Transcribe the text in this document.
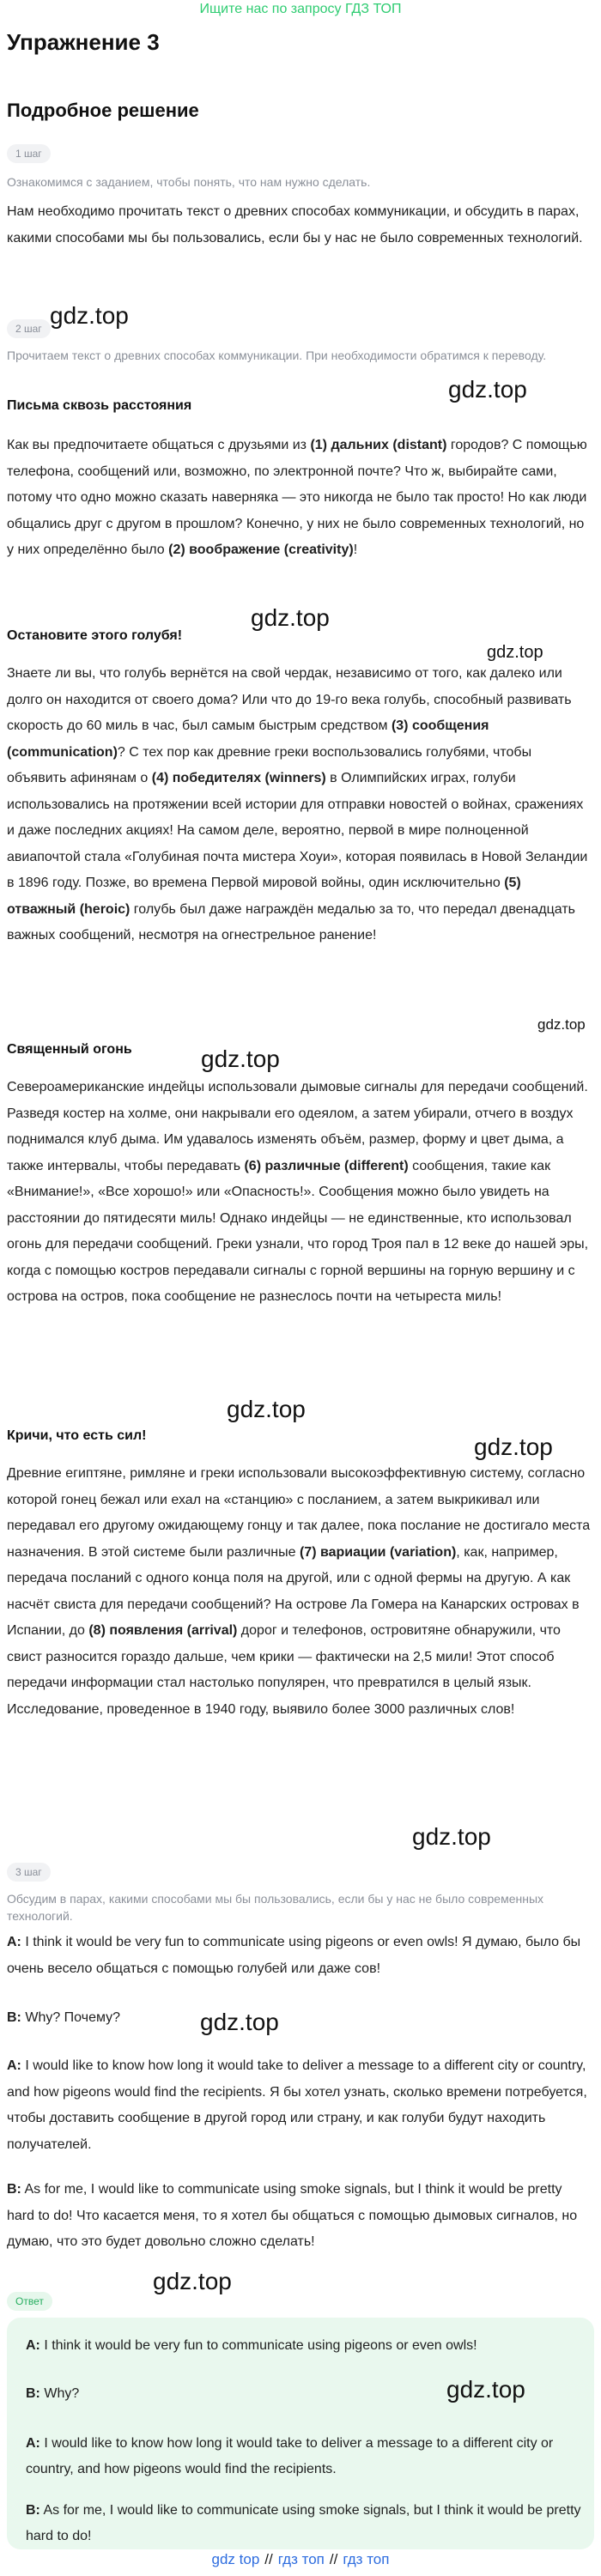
Ищите нас по запросу ГДЗ ТОП
Упражнение 3
Подробное решение
1 шаг
Ознакомимся с заданием, чтобы понять, что нам нужно сделать.
Нам необходимо прочитать текст о древних способах коммуникации, и обсудить в парах, какими способами мы бы пользовались, если бы у нас не было современных технологий.
gdz.top
gdz.top
gdz.top
gdz.top
gdz.top
gdz.top
gdz.top
gdz.top
gdz.top
gdz.top
gdz.top
2 шаг
Прочитаем текст о древних способах коммуникации. При необходимости обратимся к переводу.
Письма сквозь расстояния
Как вы предпочитаете общаться с друзьями из (1) дальних (distant) городов? С помощью телефона, сообщений или, возможно, по электронной почте? Что ж, выбирайте сами, потому что одно можно сказать наверняка — это никогда не было так просто! Но как люди общались друг с другом в прошлом? Конечно, у них не было современных технологий, но у них определённо было (2) воображение (creativity)!
Остановите этого голубя!
Знаете ли вы, что голубь вернётся на свой чердак, независимо от того, как далеко или долго он находится от своего дома? Или что до 19-го века голубь, способный развивать скорость до 60 миль в час, был самым быстрым средством (3) сообщения (communication)? С тех пор как древние греки воспользовались голубями, чтобы объявить афинянам о (4) победителях (winners) в Олимпийских играх, голуби использовались на протяжении всей истории для отправки новостей о войнах, сражениях и даже последних акциях! На самом деле, вероятно, первой в мире полноценной авиапочтой стала «Голубиная почта мистера Хоуи», которая появилась в Новой Зеландии в 1896 году. Позже, во времена Первой мировой войны, один исключительно (5) отважный (heroic) голубь был даже награждён медалью за то, что передал двенадцать важных сообщений, несмотря на огнестрельное ранение!
Священный огонь
Североамериканские индейцы использовали дымовые сигналы для передачи сообщений. Разведя костер на холме, они накрывали его одеялом, а затем убирали, отчего в воздух поднимался клуб дыма. Им удавалось изменять объём, размер, форму и цвет дыма, а также интервалы, чтобы передавать (6) различные (different) сообщения, такие как «Внимание!», «Все хорошо!» или «Опасность!». Сообщения можно было увидеть на расстоянии до пятидесяти миль! Однако индейцы — не единственные, кто использовал огонь для передачи сообщений. Греки узнали, что город Троя пал в 12 веке до нашей эры, когда с помощью костров передавали сигналы с горной вершины на горную вершину и с острова на остров, пока сообщение не разнеслось почти на четыреста миль!
Кричи, что есть сил!
Древние египтяне, римляне и греки использовали высокоэффективную систему, согласно которой гонец бежал или ехал на «станцию» с посланием, а затем выкрикивал или передавал его другому ожидающему гонцу и так далее, пока послание не достигало места назначения. В этой системе были различные (7) вариации (variation), как, например, передача посланий с одного конца поля на другой, или с одной фермы на другую. А как насчёт свиста для передачи сообщений? На острове Ла Гомера на Канарских островах в Испании, до (8) появления (arrival) дорог и телефонов, островитяне обнаружили, что свист разносится гораздо дальше, чем крики — фактически на 2,5 мили! Этот способ передачи информации стал настолько популярен, что превратился в целый язык. Исследование, проведенное в 1940 году, выявило более 3000 различных слов!
3 шаг
Обсудим в парах, какими способами мы бы пользовались, если бы у нас не было современных технологий.
A: I think it would be very fun to communicate using pigeons or even owls! Я думаю, было бы очень весело общаться с помощью голубей или даже сов!
B: Why? Почему?
A: I would like to know how long it would take to deliver a message to a different city or country, and how pigeons would find the recipients. Я бы хотел узнать, сколько времени потребуется, чтобы доставить сообщение в другой город или страну, и как голуби будут находить получателей.
B: As for me, I would like to communicate using smoke signals, but I think it would be pretty hard to do! Что касается меня, то я хотел бы общаться с помощью дымовых сигналов, но думаю, что это будет довольно сложно сделать!
Ответ
A: I think it would be very fun to communicate using pigeons or even owls!
B: Why?	gdz.top
A: I would like to know how long it would take to deliver a message to a different city or country, and how pigeons would find the recipients.
B: As for me, I would like to communicate using smoke signals, but I think it would be pretty hard to do!
gdz top // гдз топ // гдз топ
